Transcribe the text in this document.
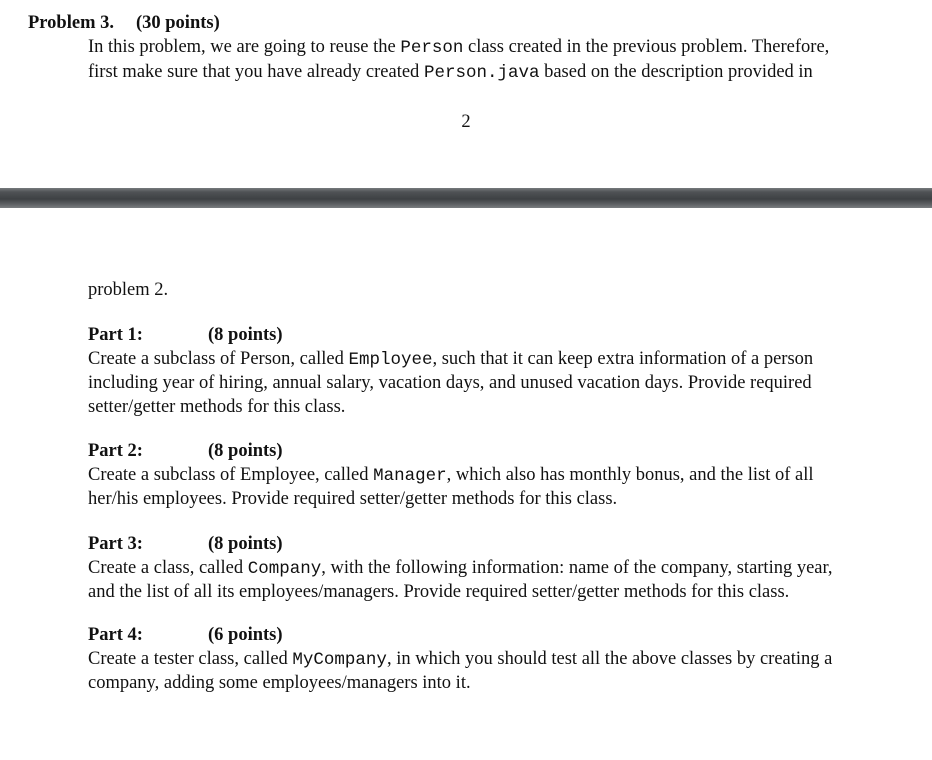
Problem 3. (30 points)
In this problem, we are going to reuse the Person class created in the previous problem. Therefore,
first make sure that you have already created Person.java based on the description provided in
2
problem 2.
Part 1:	(8 points)
Create a subclass of Person, called Employee, such that it can keep extra information of a person
including year of hiring, annual salary, vacation days, and unused vacation days. Provide required
setter/getter methods for this class.
Part 2:	(8 points)
Create a subclass of Employee, called Manager, which also has monthly bonus, and the list of all
her/his employees. Provide required setter/getter methods for this class.
Part 3:	(8 points)
Create a class, called Company, with the following information: name of the company, starting year,
and the list of all its employees/managers. Provide required setter/getter methods for this class.
Part 4:	(6 points)
Create a tester class, called MyCompany, in which you should test all the above classes by creating a
company, adding some employees/managers into it.
